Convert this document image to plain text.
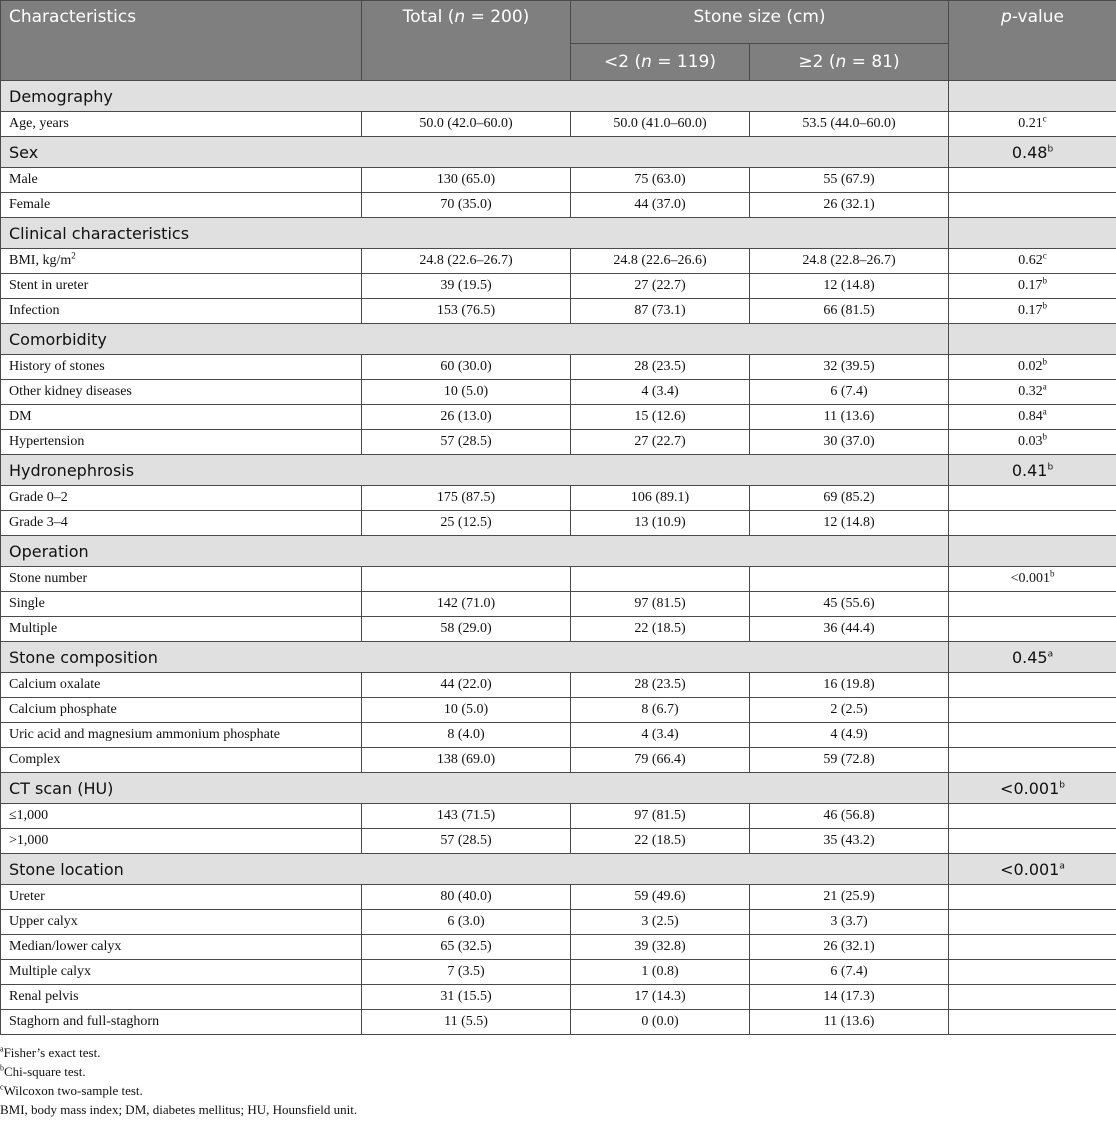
Characteristics	Total (n = 200)	Stone size (cm)		p-value
		<2 (n = 119)	≥2 (n = 81)	
Demography				
Age, years	50.0 (42.0–60.0)	50.0 (41.0–60.0)	53.5 (44.0–60.0)	0.21$^c$
Sex				0.48$^b$
Male	130 (65.0)	75 (63.0)	55 (67.9)	
Female	70 (35.0)	44 (37.0)	26 (32.1)	
Clinical characteristics				
BMI, $kg/m^2$	24.8 (22.6–26.7)	24.8 (22.6–26.6)	24.8 (22.8–26.7)	0.62$^c$
Stent in ureter	39 (19.5)	27 (22.7)	12 (14.8)	0.17$^b$
Infection	153 (76.5)	87 (73.1)	66 (81.5)	0.17$^b$
Comorbidity				
History of stones	60 (30.0)	28 (23.5)	32 (39.5)	0.02$^b$
Other kidney diseases	10 (5.0)	4 (3.4)	6 (7.4)	0.32$^a$
DM	26 (13.0)	15 (12.6)	11 (13.6)	0.84$^a$
Hypertension	57 (28.5)	27 (22.7)	30 (37.0)	0.03$^b$
Hydronephrosis				0.41$^b$
Grade 0–2	175 (87.5)	106 (89.1)	69 (85.2)	
Grade 3–4	25 (12.5)	13 (10.9)	12 (14.8)	
Operation				
Stone number				<0.001$^b$
Single	142 (71.0)	97 (81.5)	45 (55.6)	
Multiple	58 (29.0)	22 (18.5)	36 (44.4)	
Stone composition				0.45$^a$
Calcium oxalate	44 (22.0)	28 (23.5)	16 (19.8)	
Calcium phosphate	10 (5.0)	8 (6.7)	2 (2.5)	
Uric acid and magnesium ammonium phosphate	8 (4.0)	4 (3.4)	4 (4.9)	
Complex	138 (69.0)	79 (66.4)	59 (72.8)	
CT scan (HU)				<0.001$^b$
≤1,000	143 (71.5)	97 (81.5)	46 (56.8)	
>1,000	57 (28.5)	22 (18.5)	35 (43.2)	
Stone location				<0.001$^a$
Ureter	80 (40.0)	59 (49.6)	21 (25.9)	
Upper calyx	6 (3.0)	3 (2.5)	3 (3.7)	
Median/lower calyx	65 (32.5)	39 (32.8)	26 (32.1)	
Multiple calyx	7 (3.5)	1 (0.8)	6 (7.4)	
Renal pelvis	31 (15.5)	17 (14.3)	14 (17.3)	
Staghorn and full-staghorn	11 (5.5)	0 (0.0)	11 (13.6)	
$^a$Fisher’s exact test.
$^b$Chi-square test.
$^c$Wilcoxon two-sample test.
BMI, body mass index; DM, diabetes mellitus; HU, Hounsfield unit.
